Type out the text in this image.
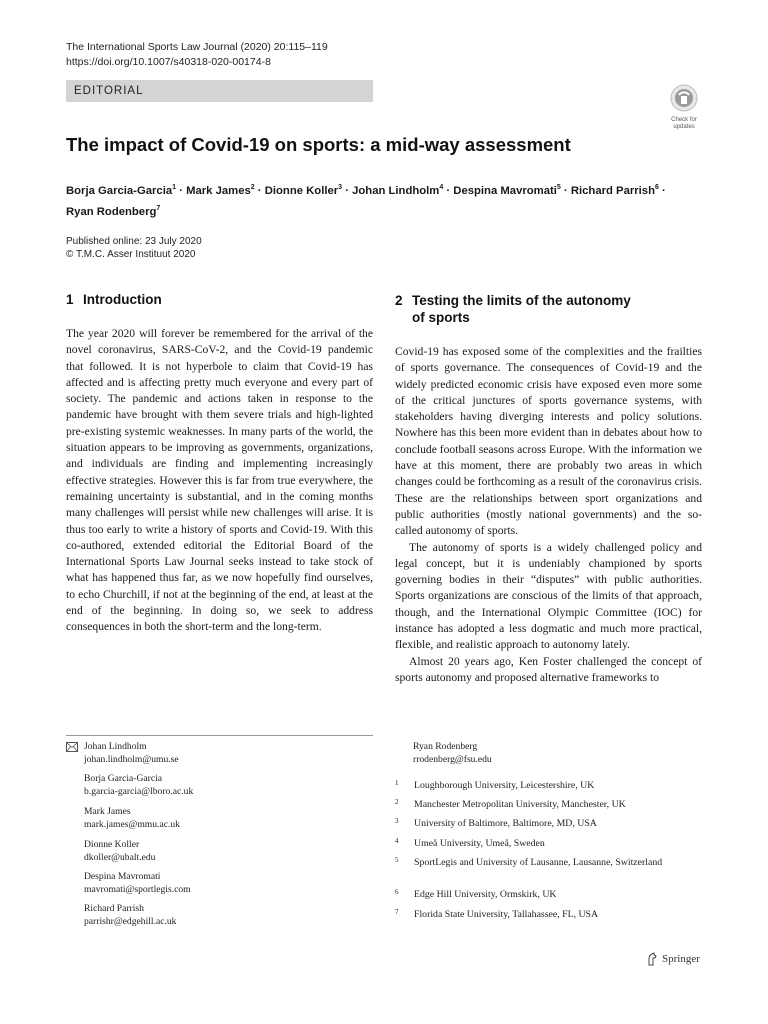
The International Sports Law Journal (2020) 20:115–119
https://doi.org/10.1007/s40318-020-00174-8
EDITORIAL
Check for
updates
The impact of Covid-19 on sports: a mid-way assessment
Borja Garcia-Garcia$^1$ · Mark James$^2$ · Dionne Koller$^3$ · Johan Lindholm$^4$ · Despina Mavromati$^5$ · Richard Parrish$^6$ ·
Ryan Rodenberg$^7$
Published online: 23 July 2020
© T.M.C. Asser Instituut 2020
1 Introduction

The year 2020 will forever be remembered for the arrival of the novel coronavirus, SARS-CoV-2, and the Covid-19 pandemic that followed. It is not hyperbole to claim that Covid-19 has affected and is affecting pretty much everyone and every part of society. The pandemic and actions taken in response to the pandemic have brought with them severe trials and high-lighted pre-existing systemic weaknesses. In many parts of the world, the situation appears to be improving as governments, organizations, and individuals are finding and implementing increasingly effective strategies. However this is far from true everywhere, the remaining uncertainty is substantial, and in the coming months many challenges will persist while new challenges will arise. It is thus too early to write a history of sports and Covid-19. With this co-authored, extended editorial the Editorial Board of the International Sports Law Journal seeks instead to take stock of what has happened thus far, as we now hopefully find ourselves, to echo Churchill, if not at the beginning of the end, at least at the end of the beginning. In doing so, we seek to address consequences in both the short-term and the long-term.

2 Testing the limits of the autonomy
of sports

Covid-19 has exposed some of the complexities and the frailties of sports governance. The consequences of Covid-19 and the widely predicted economic crisis have exposed even more some of the critical junctures of sports governance systems, with stakeholders having diverging interests and policy solutions. Nowhere has this been more evident than in debates about how to conclude football seasons across Europe. With the information we have at this moment, there are probably two areas in which changes could be forthcoming as a result of the coronavirus crisis. These are the relationships between sport organizations and public authorities (mostly national governments) and the so-called autonomy of sports.

The autonomy of sports is a widely challenged policy and legal concept, but it is undeniably championed by sports governing bodies in their “disputes” with public authorities. Sports organizations are conscious of the limits of that approach, though, and the International Olympic Committee (IOC) for instance has adopted a less dogmatic and much more practical, flexible, and realistic approach to autonomy lately.

Almost 20 years ago, Ken Foster challenged the concept of sports autonomy and proposed alternative frameworks to

Johan Lindholm
johan.lindholm@umu.se
Borja Garcia-Garcia
b.garcia-garcia@lboro.ac.uk
Mark James
mark.james@mmu.ac.uk
Dionne Koller
dkoller@ubalt.edu
Despina Mavromati
mavromati@sportlegis.com
Richard Parrish
parrishr@edgehill.ac.uk
Ryan Rodenberg
rrodenberg@fsu.edu
1	Loughborough University, Leicestershire, UK
2	Manchester Metropolitan University, Manchester, UK
3	University of Baltimore, Baltimore, MD, USA
4	Umeå University, Umeå, Sweden
5	SportLegis and University of Lausanne, Lausanne, Switzerland
6	Edge Hill University, Ormskirk, UK
7	Florida State University, Tallahassee, FL, USA
Springer
